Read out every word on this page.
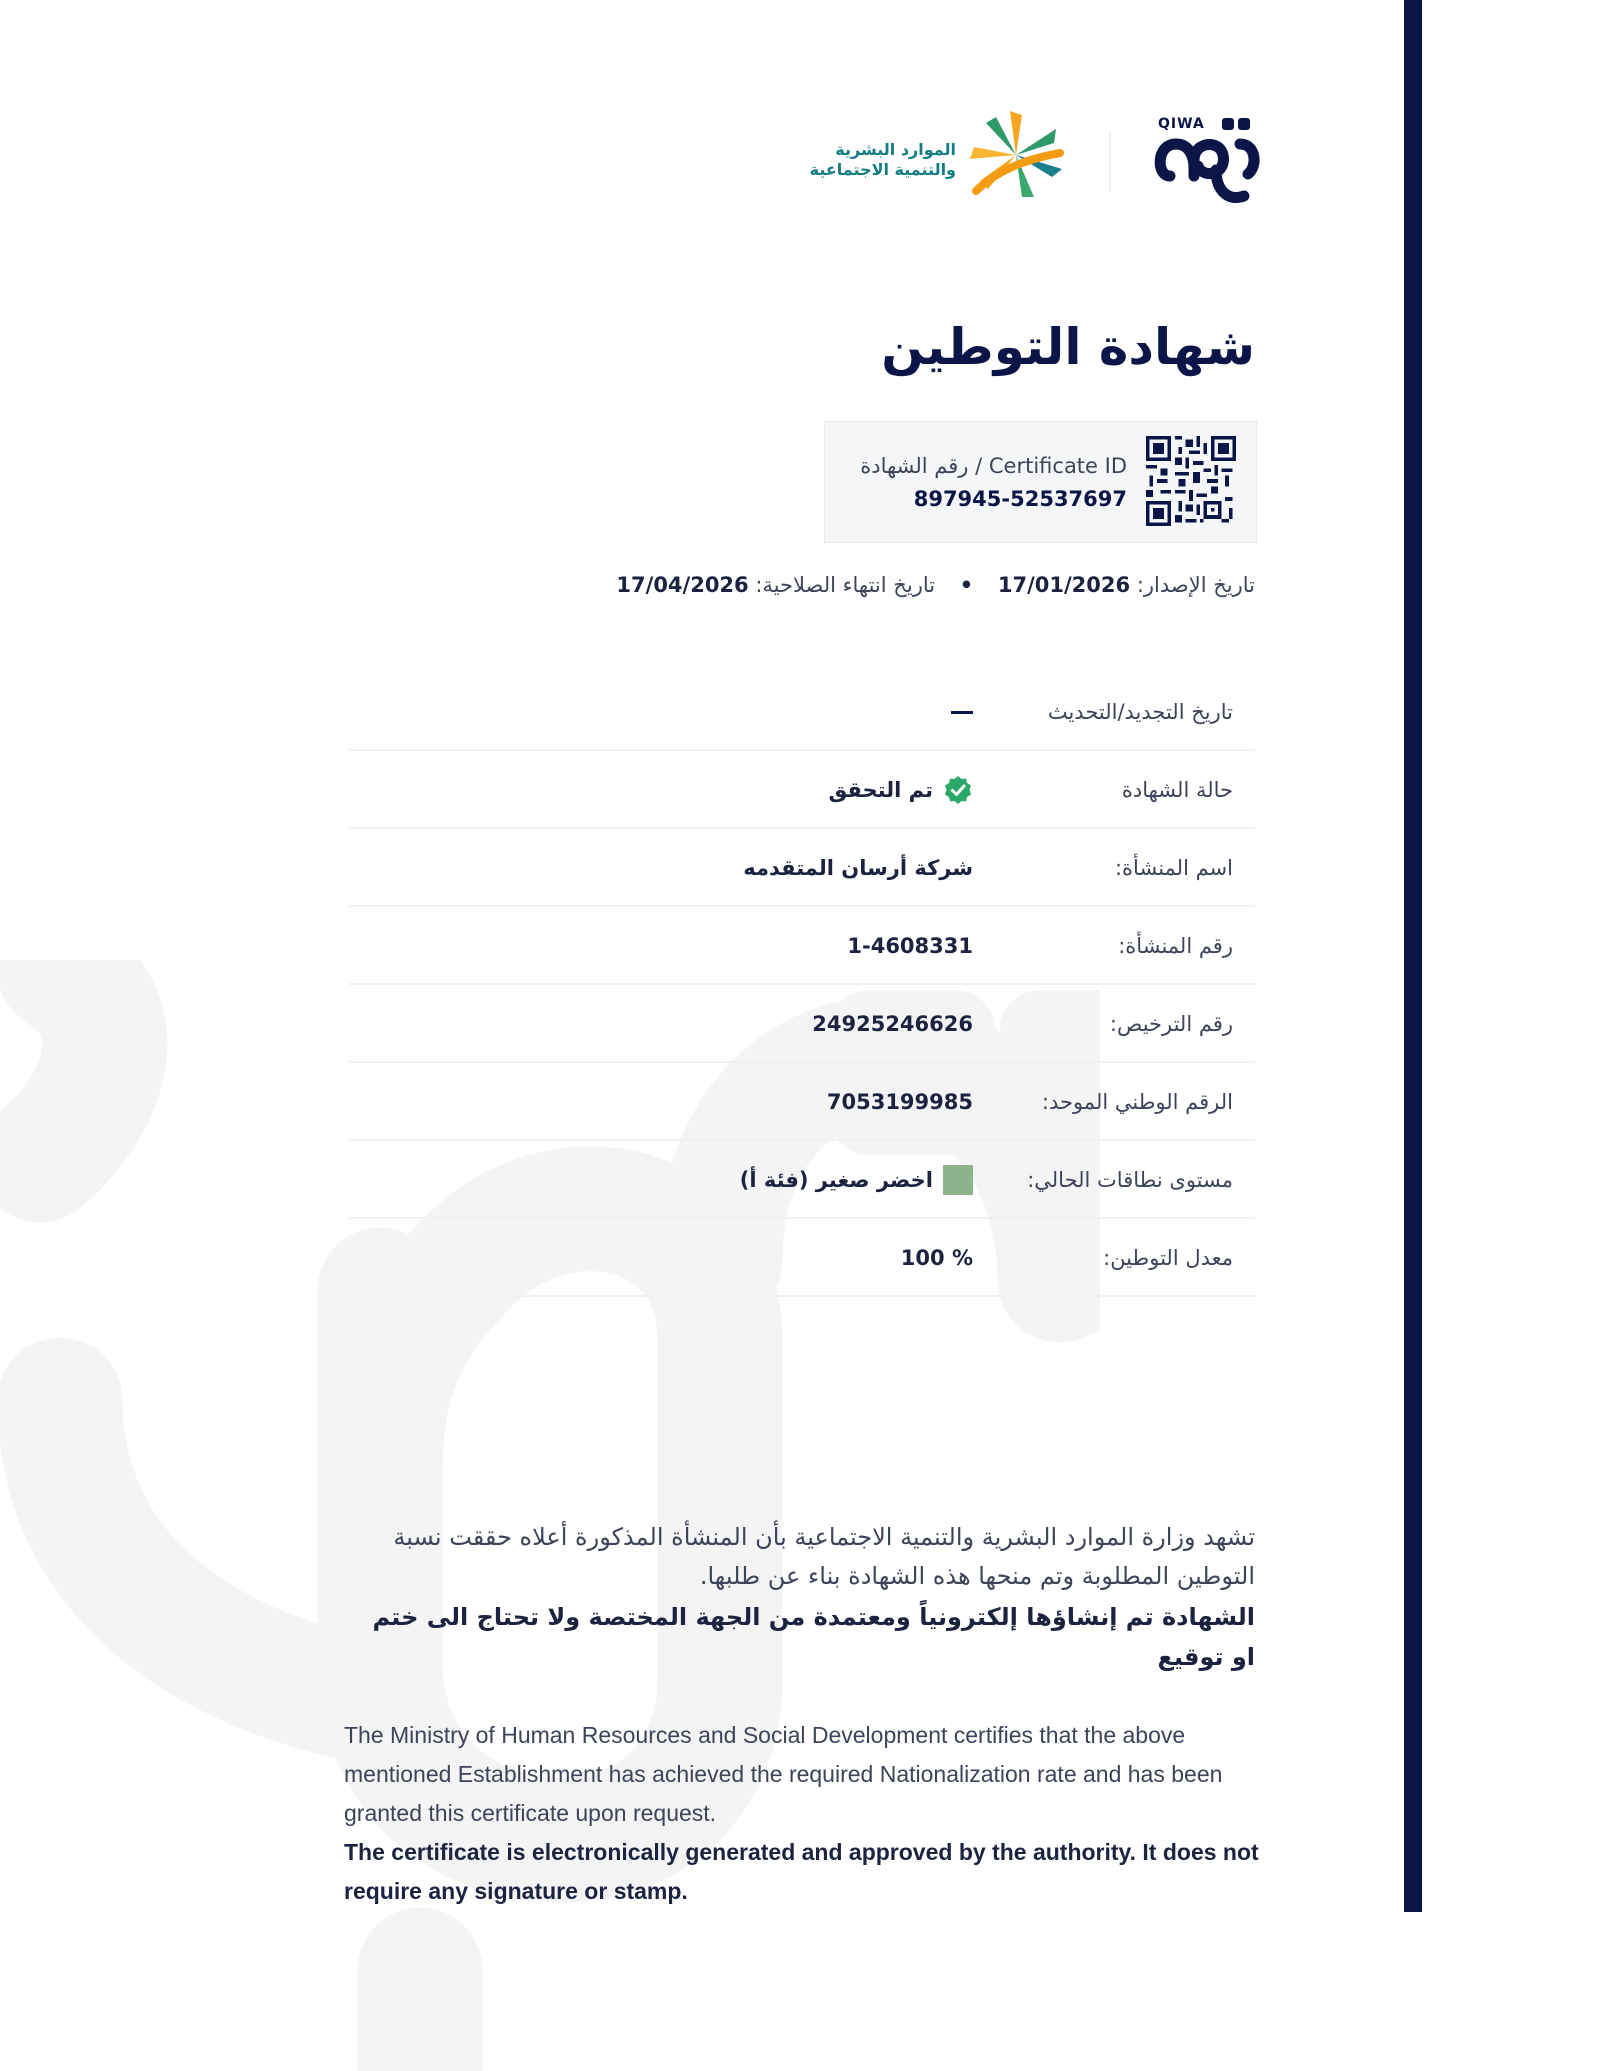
QIWA
الموارد البشرية
والتنمية الاجتماعية
شهادة التوطين
رقم الشهادة / Certificate ID
897945-52537697
تاريخ الإصدار: 17/01/2026 • تاريخ انتهاء الصلاحية: 17/04/2026
تاريخ التجديد/التحديث
حالة الشهادة
تم التحقق
اسم المنشأة:
شركة أرسان المتقدمه
رقم المنشأة:
1-4608331
رقم الترخيص:
24925246626
الرقم الوطني الموحد:
7053199985
مستوى نطاقات الحالي:
اخضر صغير (فئة أ)
معدل التوطين:
% 100
تشهد وزارة الموارد البشرية والتنمية الاجتماعية بأن المنشأة المذكورة أعلاه حققت نسبة التوطين المطلوبة وتم منحها هذه الشهادة بناء عن طلبها.
الشهادة تم إنشاؤها إلكترونياً ومعتمدة من الجهة المختصة ولا تحتاج الى ختم او توقيع
The Ministry of Human Resources and Social Development certifies that the above mentioned Establishment has achieved the required Nationalization rate and has been granted this certificate upon request.
The certificate is electronically generated and approved by the authority. It does not require any signature or stamp.
